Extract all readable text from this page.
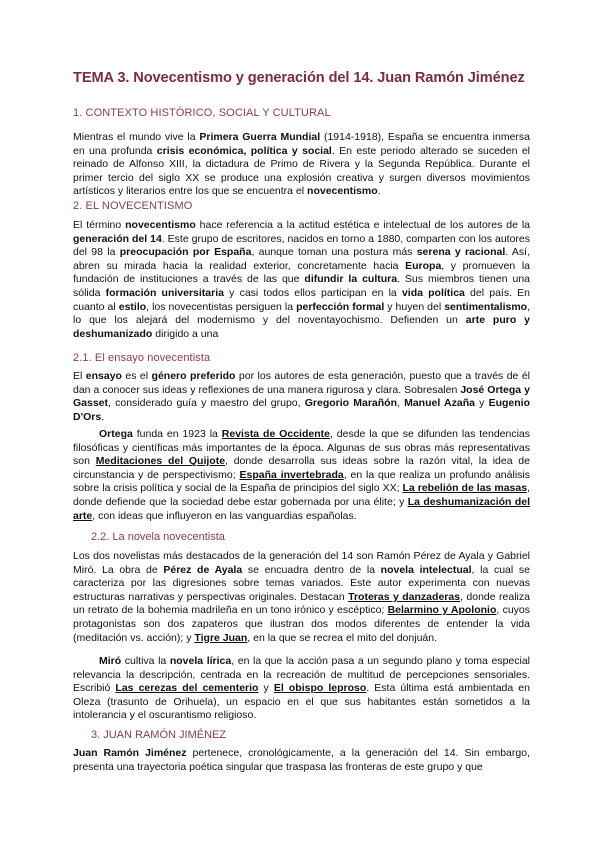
TEMA 3. Novecentismo y generación del 14. Juan Ramón Jiménez
1. CONTEXTO HISTÓRICO, SOCIAL Y CULTURAL
Mientras el mundo vive la Primera Guerra Mundial (1914-1918), España se encuentra inmersa en una profunda crisis económica, política y social. En este periodo alterado se suceden el reinado de Alfonso XIII, la dictadura de Primo de Rivera y la Segunda República. Durante el primer tercio del siglo XX se produce una explosión creativa y surgen diversos movimientos artísticos y literarios entre los que se encuentra el novecentismo.
2. EL NOVECENTISMO
El término novecentismo hace referencia a la actitud estética e intelectual de los autores de la generación del 14. Este grupo de escritores, nacidos en torno a 1880, comparten con los autores del 98 la preocupación por España, aunque toman una postura más serena y racional. Así, abren su mirada hacia la realidad exterior, concretamente hacia Europa, y promueven la fundación de instituciones a través de las que difundir la cultura. Sus miembros tienen una sólida formación universitaria y casi todos ellos participan en la vida política del país. En cuanto al estilo, los novecentistas persiguen la perfección formal y huyen del sentimentalismo, lo que los alejará del modernismo y del noventayochismo. Defienden un arte puro y deshumanizado dirigido a una
2.1. El ensayo novecentista
El ensayo es el género preferido por los autores de esta generación, puesto que a través de él dan a conocer sus ideas y reflexiones de una manera rigurosa y clara. Sobresalen José Ortega y Gasset, considerado guía y maestro del grupo, Gregorio Marañón, Manuel Azaña y Eugenio D'Ors.
Ortega funda en 1923 la Revista de Occidente, desde la que se difunden las tendencias filosóficas y científicas más importantes de la época. Algunas de sus obras más representativas son Meditaciones del Quijote, donde desarrolla sus ideas sobre la razón vital, la idea de circunstancia y de perspectivismo; España invertebrada, en la que realiza un profundo análisis sobre la crisis política y social de la España de principios del siglo XX; La rebelión de las masas, donde defiende que la sociedad debe estar gobernada por una élite; y La deshumanización del arte, con ideas que influyeron en las vanguardias españolas.
2.2. La novela novecentista
Los dos novelistas más destacados de la generación del 14 son Ramón Pérez de Ayala y Gabriel Miró. La obra de Pérez de Ayala se encuadra dentro de la novela intelectual, la cual se caracteriza por las digresiones sobre temas variados. Este autor experimenta con nuevas estructuras narrativas y perspectivas originales. Destacan Troteras y danzaderas, donde realiza un retrato de la bohemia madrileña en un tono irónico y escéptico; Belarmino y Apolonio, cuyos protagonistas son dos zapateros que ilustran dos modos diferentes de entender la vida (meditación vs. acción); y Tigre Juan, en la que se recrea el mito del donjuán.
Miró cultiva la novela lírica, en la que la acción pasa a un segundo plano y toma especial relevancia la descripción, centrada en la recreación de multitud de percepciones sensoriales. Escribió Las cerezas del cementerio y El obispo leproso. Esta última está ambientada en Oleza (trasunto de Orihuela), un espacio en el que sus habitantes están sometidos a la intolerancia y el oscurantismo religioso.
3. JUAN RAMÓN JIMÉNEZ
Juan Ramón Jiménez pertenece, cronológicamente, a la generación del 14. Sin embargo, presenta una trayectoria poética singular que traspasa las fronteras de este grupo y que
